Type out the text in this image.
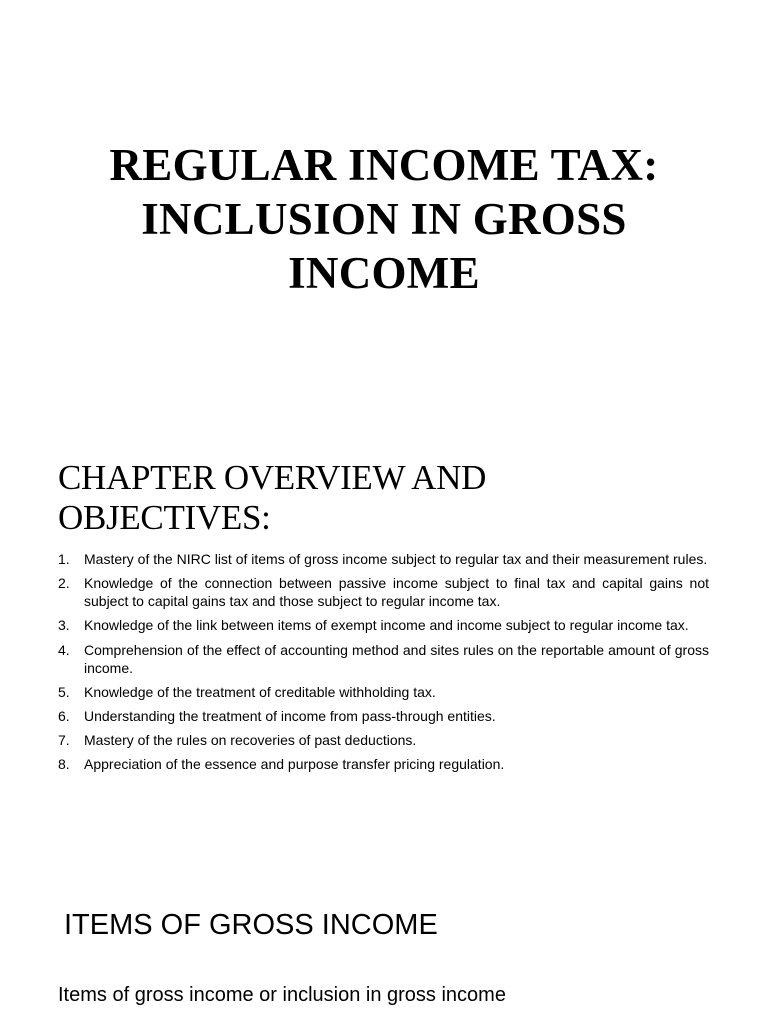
REGULAR INCOME TAX:
INCLUSION IN GROSS
INCOME
CHAPTER OVERVIEW AND
OBJECTIVES:
1. Mastery of the NIRC list of items of gross income subject to regular tax and their measurement rules.
2. Knowledge of the connection between passive income subject to final tax and capital gains not subject to capital gains tax and those subject to regular income tax.
3. Knowledge of the link between items of exempt income and income subject to regular income tax.
4. Comprehension of the effect of accounting method and sites rules on the reportable amount of gross income.
5. Knowledge of the treatment of creditable withholding tax.
6. Understanding the treatment of income from pass-through entities.
7. Mastery of the rules on recoveries of past deductions.
8. Appreciation of the essence and purpose transfer pricing regulation.
ITEMS OF GROSS INCOME

Items of gross income or inclusion in gross income
